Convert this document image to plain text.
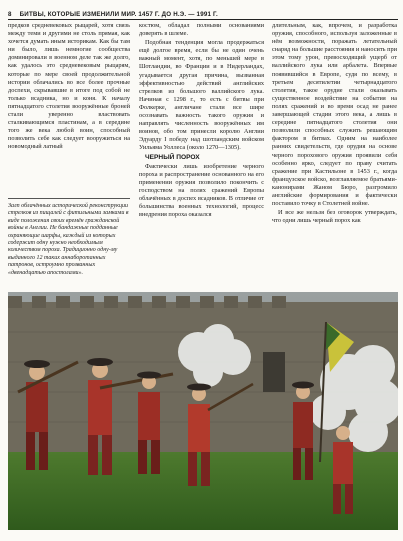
8 БИТВЫ, КОТОРЫЕ ИЗМЕНИЛИ МИР. 1457 Г. ДО Н.Э. — 1991 Г.

предков средневековых рыцарей, хотя связь между теми и другими не столь прямая, как хочется думать иным историкам. Как бы там ни было, лишь немногие сообщества доминировали в военном деле так же долго, как удалось это средневековым рыцарям, которые по мере своей продолжительной истории облачались во все более прочные доспехи, скрывавшие в итоге под собой не только всадника, но и коня. К началу пятнадцатого столетия вооружённые броней стали уверенно властвовать сталкивающимся пластинам, а в середине того же века любой воин, способный позволить себе как следует вооружиться на новомодный латный

Залп облачённых исторической реконструкции стрелков из пищалей с фитильными замками в виде положения своих времён гражданской войны в Англии. Не бандажные подданные охраняющие шарфы, каждый из которых содержит одну нужно необходимым количеством пороха. Традиционно одну-му выданного 12 таких аннаборотанных патронов, остроумно прозванных «двенадцатью апостолами».

костюм, обладал полными основаниями доверять в шлеме.

Подобная тенденция могла продержаться ещё долгое время, если бы не один очень важный момент, хотя, по меньшей мере в Шотландии, во Франции и в Нидерландах, угадывается другая причина, вызванная эффективностью действий английских стрелков из большого валлийского лука. Начиная с 1298 г., то есть с битвы при Фолкерке, англичане стали все шире осознавать важность такого оружия и направлять численность вооружённых им воинов, обо том принесли королю Англии Эдуарду I победу над шотландским войском Уильяма Уоллеса (около 1270—1305).

ЧЕРНЫЙ ПОРОХ

Фактически лишь изобретение черного пороха и распространение основанного на его применении оружия позволило покончить с господством на полях сражений Европы облачённых в доспех всадников. В отличие от большинства военных технологий, процесс внедрения пороха оказался

длительным, как, впрочем, и разработка оружия, способного, используя заложенные в нём возможности, поражать летательный снаряд на большие расстояния и наносить при этом тому урон, превосходящий ущерб от валлийского лука или арбалета. Впервые появившийся в Европе, судя по всему, в третьем десятилетии четырнадцатого столетия, такое орудие стали оказывать существенное воздействие на события на полях сражений и во время осад не ранее завершающей стадии этого века, а лишь в середине пятнадцатого столетия они позволили способных служить решающим фактором в битвах. Одним на наиболее ранних свидетельств, где орудия на основе черного порохового оружия проявили себя особенно ярко, следует по праву считать сражение при Кастильоне в 1453 г., когда французское войско, возглавляемое братьями-канонирами Жаном Бюро, разгромило английские формирования и фактически поставило точку в Столетней войне.

И все же нельзя без оговорок утверждать, что одни лишь черный порох как
